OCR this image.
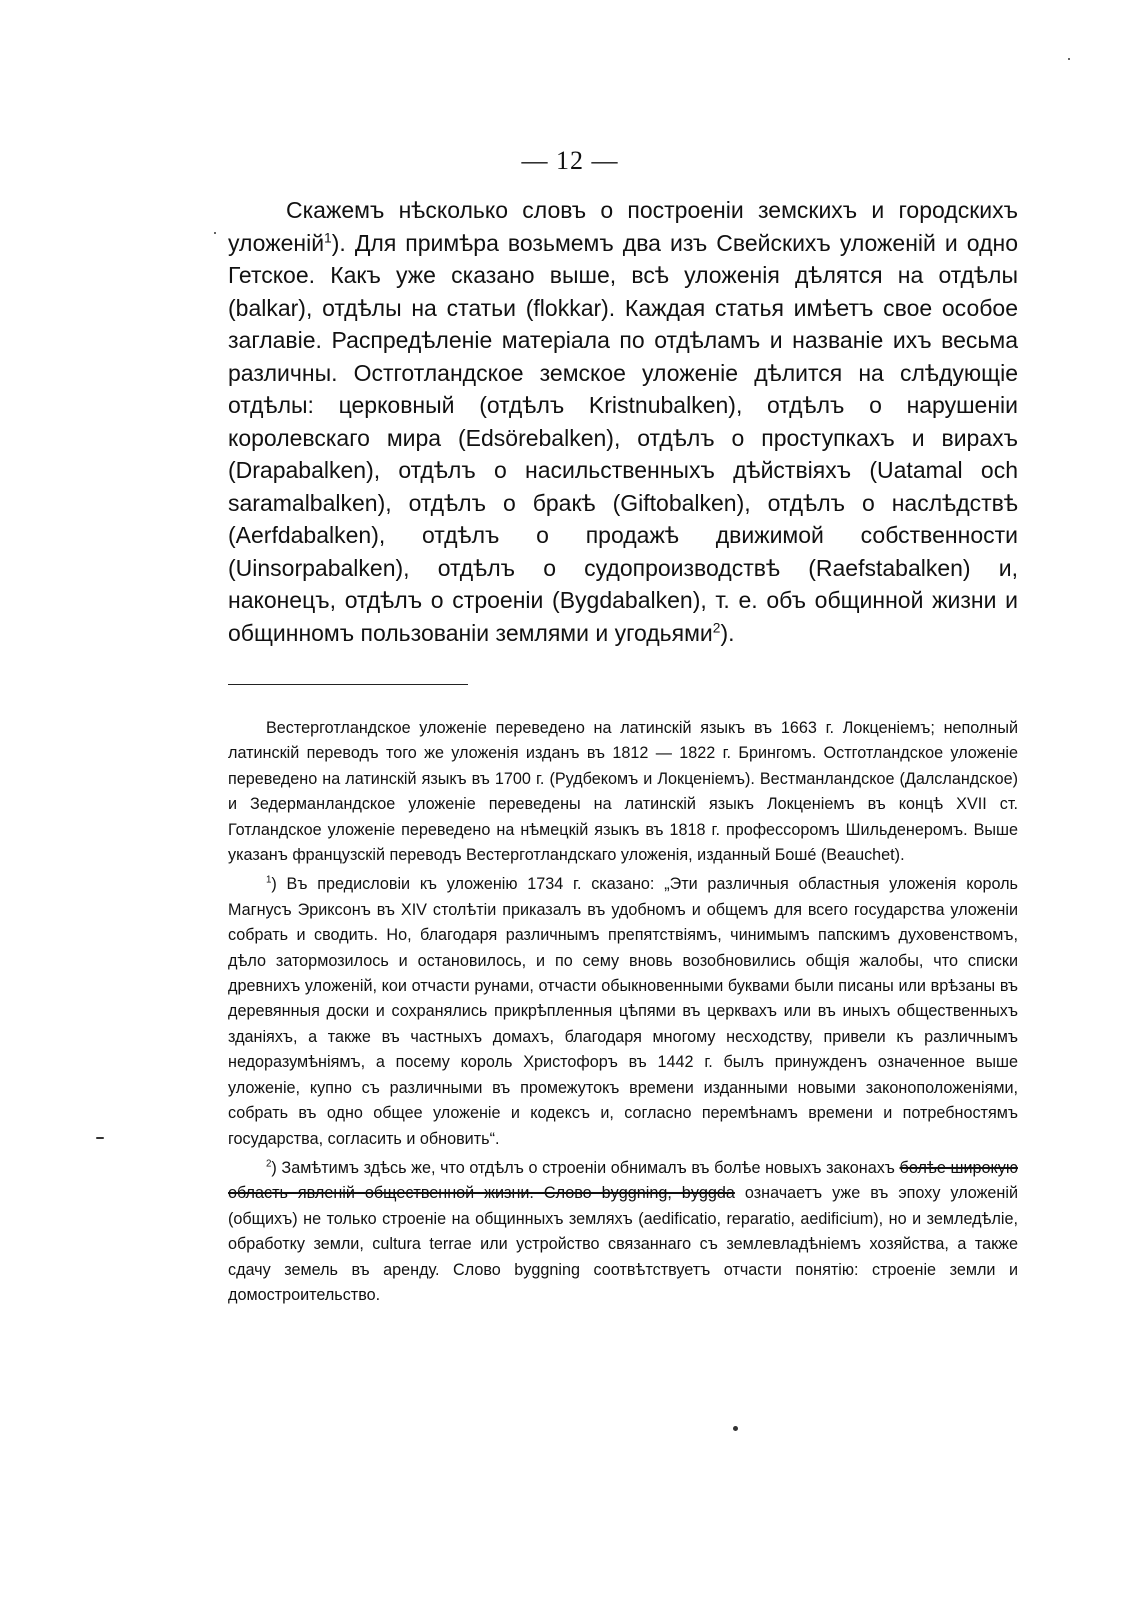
— 12 —

Скажемъ нѣсколько словъ о построеніи земскихъ и городскихъ уложеній$^1$). Для примѣра возьмемъ два изъ Свейскихъ уложеній и одно Гетское. Какъ уже сказано выше, всѣ уложенія дѣлятся на отдѣлы (balkar), отдѣлы на статьи (flokkar). Каждая статья имѣетъ свое особое заглавіе. Распредѣленіе матеріала по отдѣламъ и названіе ихъ весьма различны. Остготландское земское уложеніе дѣлится на слѣдующіе отдѣлы: церковный (отдѣлъ Kristnubalken), отдѣлъ о нарушеніи королевскаго мира (Edsörebalken), отдѣлъ о проступкахъ и вирахъ (Drapabalken), отдѣлъ о насильственныхъ дѣйствіяхъ (Uatamal och saramalbalken), отдѣлъ о бракѣ (Giftobalken), отдѣлъ о наслѣдствѣ (Aerfdabalken), отдѣлъ о продажѣ движимой собственности (Uinsorpabalken), отдѣлъ о судопроизводствѣ (Raefstabalken) и, наконецъ, отдѣлъ о строеніи (Bygdabalken), т. е. объ общинной жизни и общинномъ пользованіи землями и угодьями$^2$).

Вестерготландское уложеніе переведено на латинскій языкъ въ 1663 г. Локценіемъ; неполный латинскій переводъ того же уложенія изданъ въ 1812 — 1822 г. Брингомъ. Остготландское уложеніе переведено на латинскій языкъ въ 1700 г. (Рудбекомъ и Локценіемъ). Вестманландское (Далсландское) и Зедерманландское уложеніе переведены на латинскій языкъ Локценіемъ въ концѣ XVII ст. Готландское уложеніе переведено на нѣмецкій языкъ въ 1818 г. профессоромъ Шильденеромъ. Выше указанъ французскій переводъ Вестерготландскаго уложенія, изданный Бошé (Beauchet).

$^1$) Въ предисловіи къ уложенію 1734 г. сказано: „Эти различныя областныя уложенія король Магнусъ Эриксонъ въ XIV столѣтіи приказалъ въ удобномъ и общемъ для всего государства уложеніи собрать и сводить. Но, благодаря различнымъ препятствіямъ, чинимымъ папскимъ духовенствомъ, дѣло затормозилось и остановилось, и по сему вновь возобновились общія жалобы, что списки древнихъ уложеній, кои отчасти рунами, отчасти обыкновенными буквами были писаны или врѣзаны въ деревянныя доски и сохранялись прикрѣпленныя цѣпями въ церквахъ или въ иныхъ общественныхъ зданіяхъ, а также въ частныхъ домахъ, благодаря многому несходству, привели къ различнымъ недоразумѣніямъ, а посему король Христофоръ въ 1442 г. былъ принужденъ означенное выше уложеніе, купно съ различными въ промежутокъ времени изданными новыми законоположеніями, собрать въ одно общее уложеніе и кодексъ и, согласно перемѣнамъ времени и потребностямъ государства, согласить и обновить“.

$^2$) Замѣтимъ здѣсь же, что отдѣлъ о строеніи обнималъ въ болѣе новыхъ законахъ болѣе широкую область явленій общественной жизни. Слово byggning, byggda означаетъ уже въ эпоху уложеній (общихъ) не только строеніе на общинныхъ земляхъ (aedificatio, reparatio, aedificium), но и земледѣліе, обработку земли, cultura terrae или устройство связаннаго съ землевладѣніемъ хозяйства, а также сдачу земель въ аренду. Слово byggning соотвѣтствуетъ отчасти понятію: строеніе земли и домостроительство.
